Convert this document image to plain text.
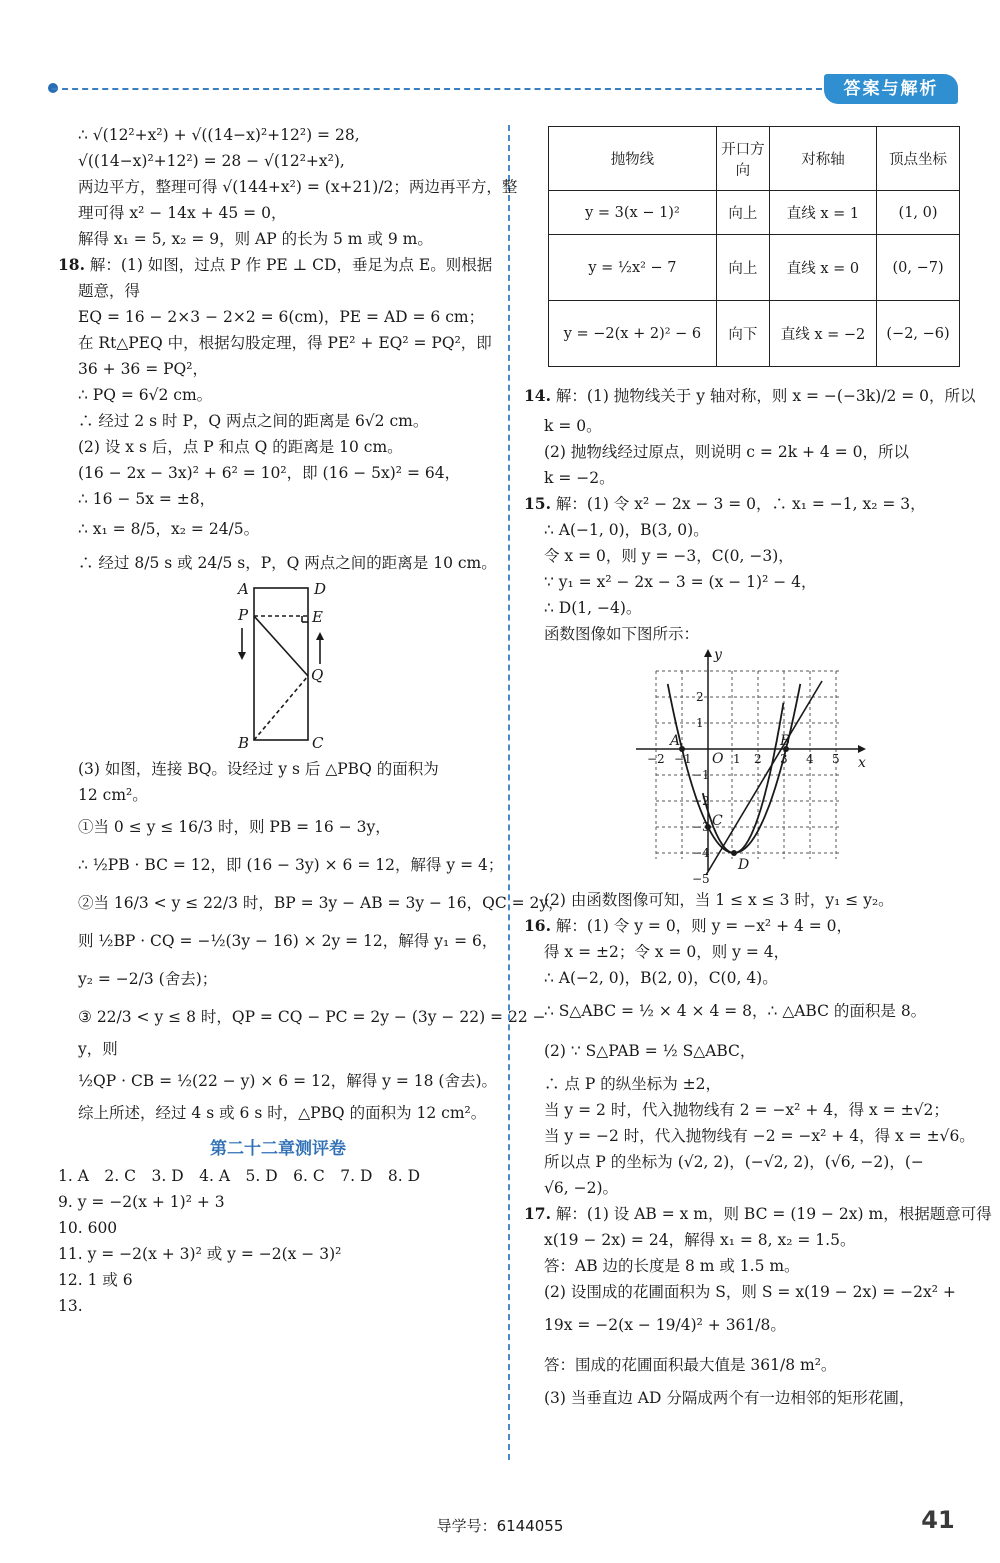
答案与解析
∴ √(12²+x²) + √((14−x)²+12²) = 28,
√((14−x)²+12²) = 28 − √(12²+x²),
两边平方，整理可得 √(144+x²) = (x+21)/2；两边再平方，整
理可得 x² − 14x + 45 = 0，
解得 x₁ = 5, x₂ = 9，则 AP 的长为 5 m 或 9 m。
18. 解：(1) 如图，过点 P 作 PE ⊥ CD，垂足为点 E。则根据
题意，得
EQ = 16 − 2×3 − 2×2 = 6(cm)，PE = AD = 6 cm；
在 Rt△PEQ 中，根据勾股定理，得 PE² + EQ² = PQ²，即
36 + 36 = PQ²，
∴ PQ = 6√2 cm。
∴ 经过 2 s 时 P，Q 两点之间的距离是 6√2 cm。
(2) 设 x s 后，点 P 和点 Q 的距离是 10 cm。
(16 − 2x − 3x)² + 6² = 10²，即 (16 − 5x)² = 64，
∴ 16 − 5x = ±8，
∴ x₁ = 8/5，x₂ = 24/5。
∴ 经过 8/5 s 或 24/5 s，P，Q 两点之间的距离是 10 cm。
A	D
P	E
Q
B	C
(3) 如图，连接 BQ。设经过 y s 后 △PBQ 的面积为
12 cm²。
①当 0 ≤ y ≤ 16/3 时，则 PB = 16 − 3y，
∴ ½PB · BC = 12，即 (16 − 3y) × 6 = 12，解得 y = 4；
②当 16/3 < y ≤ 22/3 时，BP = 3y − AB = 3y − 16，QC = 2y，
则 ½BP · CQ = −½(3y − 16) × 2y = 12，解得 y₁ = 6，
y₂ = −2/3 (舍去)；
③ 22/3 < y ≤ 8 时，QP = CQ − PC = 2y − (3y − 22) = 22 −
y，则
½QP · CB = ½(22 − y) × 6 = 12，解得 y = 18 (舍去)。
综上所述，经过 4 s 或 6 s 时，△PBQ 的面积为 12 cm²。
第二十二章测评卷
1. A　2. C　3. D　4. A　5. D　6. C　7. D　8. D
9. y = −2(x + 1)² + 3
10. 600
11. y = −2(x + 3)² 或 y = −2(x − 3)²
12. 1 或 6
13.
抛物线	开口方向	对称轴	顶点坐标
y = 3(x − 1)²	向上	直线 x = 1	(1, 0)
y = ½x² − 7	向上	直线 x = 0	(0, −7)
y = −2(x + 2)² − 6	向下	直线 x = −2	(−2, −6)
14. 解：(1) 抛物线关于 y 轴对称，则 x = −(−3k)/2 = 0，所以
k = 0。
(2) 抛物线经过原点，则说明 c = 2k + 4 = 0，所以
k = −2。
15. 解：(1) 令 x² − 2x − 3 = 0，∴ x₁ = −1, x₂ = 3，
∴ A(−1, 0)，B(3, 0)。
令 x = 0，则 y = −3，C(0, −3)，
∵ y₁ = x² − 2x − 3 = (x − 1)² − 4，
∴ D(1, −4)。
函数图像如下图所示：
−2 −1	1 2 3 4 5
2
1
−1
−2
−3
−4
−5
y
x
O
A	B
C
D
(2) 由函数图像可知，当 1 ≤ x ≤ 3 时，y₁ ≤ y₂。
16. 解：(1) 令 y = 0，则 y = −x² + 4 = 0，
得 x = ±2；令 x = 0，则 y = 4，
∴ A(−2, 0)，B(2, 0)，C(0, 4)。
∴ S△ABC = ½ × 4 × 4 = 8，∴ △ABC 的面积是 8。
(2) ∵ S△PAB = ½ S△ABC，
∴ 点 P 的纵坐标为 ±2，
当 y = 2 时，代入抛物线有 2 = −x² + 4，得 x = ±√2；
当 y = −2 时，代入抛物线有 −2 = −x² + 4，得 x = ±√6。
所以点 P 的坐标为 (√2, 2)，(−√2, 2)，(√6, −2)，(−
√6, −2)。
17. 解：(1) 设 AB = x m，则 BC = (19 − 2x) m，根据题意可得
x(19 − 2x) = 24，解得 x₁ = 8, x₂ = 1.5。
答：AB 边的长度是 8 m 或 1.5 m。
(2) 设围成的花圃面积为 S，则 S = x(19 − 2x) = −2x² +
19x = −2(x − 19/4)² + 361/8。
答：围成的花圃面积最大值是 361/8 m²。
(3) 当垂直边 AD 分隔成两个有一边相邻的矩形花圃，
导学号：6144055	41
